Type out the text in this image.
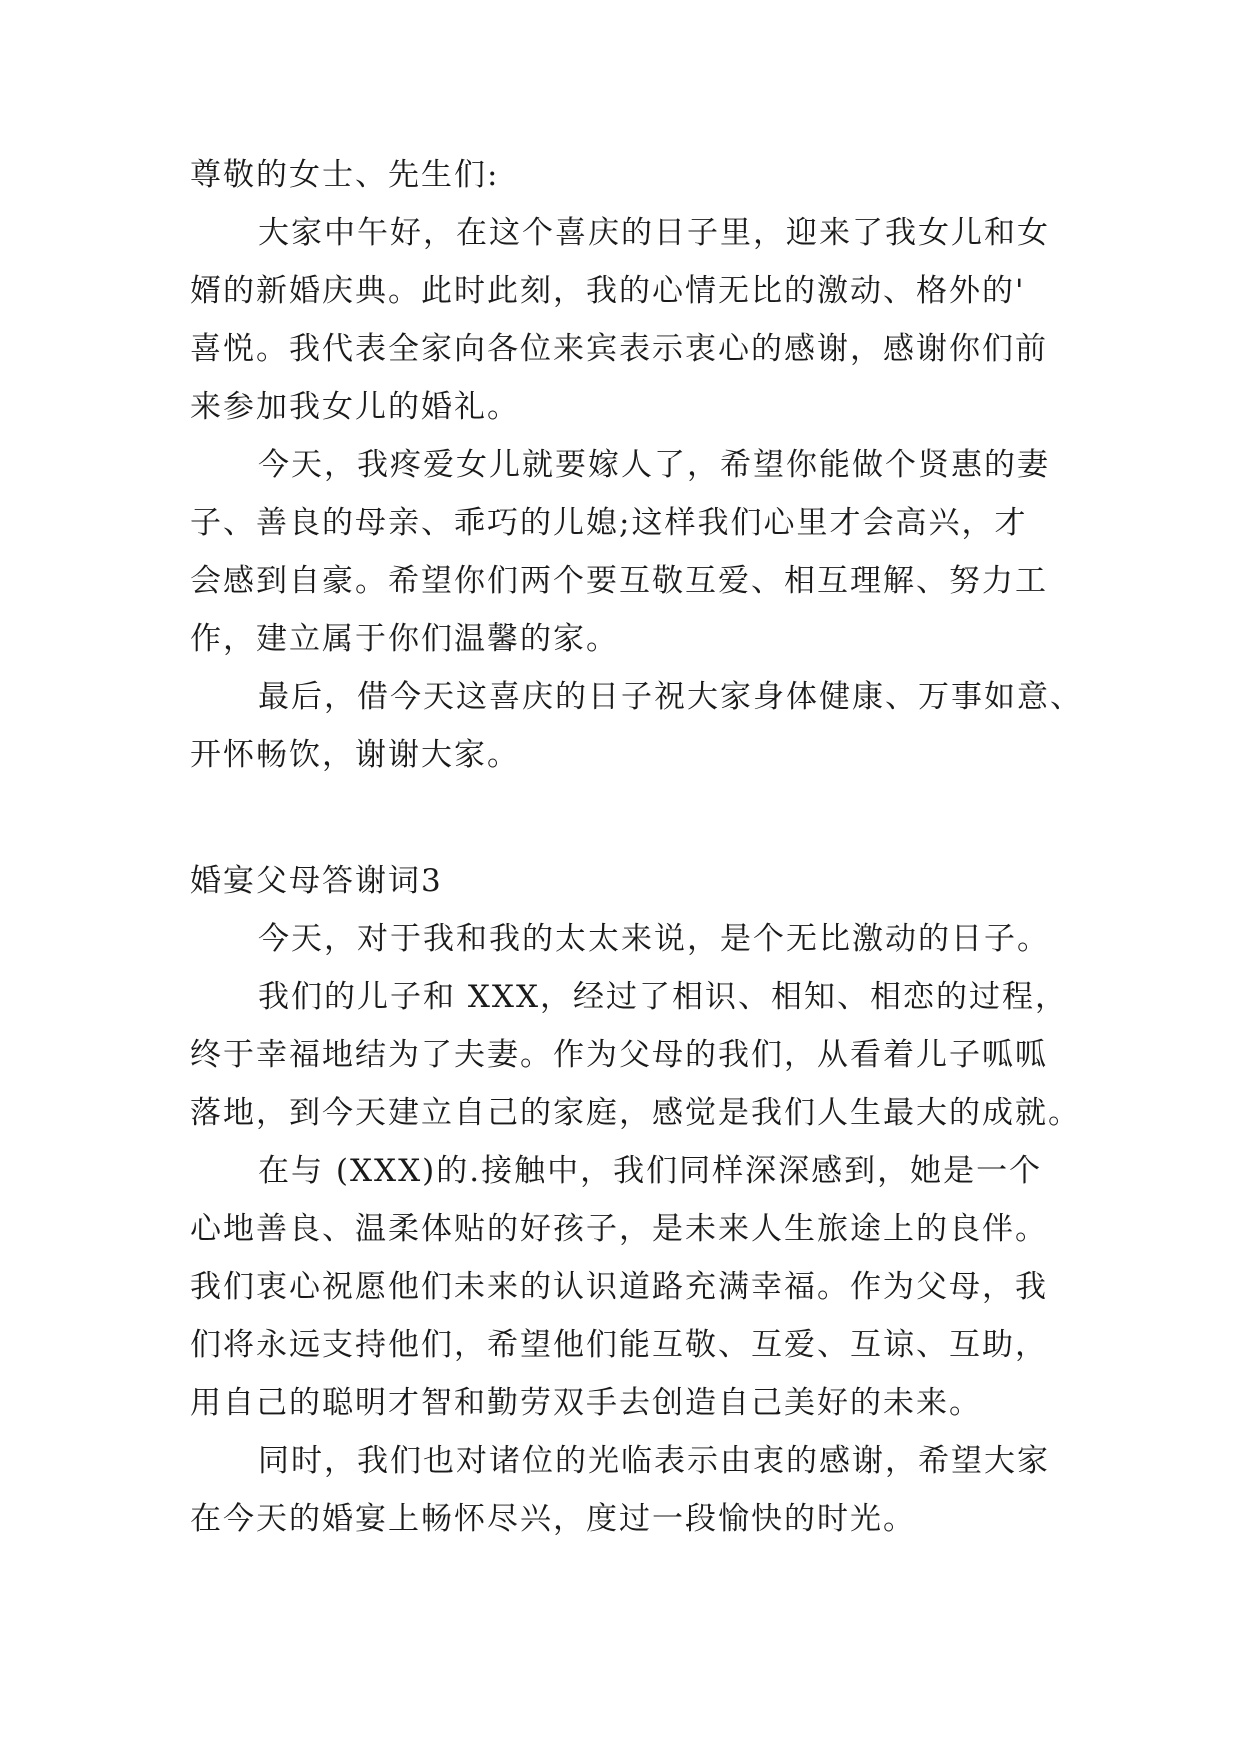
尊敬的女士、先生们:
大家中午好，在这个喜庆的日子里，迎来了我女儿和女
婿的新婚庆典。此时此刻，我的心情无比的激动、格外的'
喜悦。我代表全家向各位来宾表示衷心的感谢，感谢你们前
来参加我女儿的婚礼。
今天，我疼爱女儿就要嫁人了，希望你能做个贤惠的妻
子、善良的母亲、乖巧的儿媳;这样我们心里才会高兴，才
会感到自豪。希望你们两个要互敬互爱、相互理解、努力工
作，建立属于你们温馨的家。
最后，借今天这喜庆的日子祝大家身体健康、万事如意、
开怀畅饮，谢谢大家。
婚宴父母答谢词3
今天，对于我和我的太太来说，是个无比激动的日子。
我们的儿子和 XXX，经过了相识、相知、相恋的过程，
终于幸福地结为了夫妻。作为父母的我们，从看着儿子呱呱
落地，到今天建立自己的家庭，感觉是我们人生最大的成就。
在与 (XXX)的.接触中，我们同样深深感到，她是一个
心地善良、温柔体贴的好孩子，是未来人生旅途上的良伴。
我们衷心祝愿他们未来的认识道路充满幸福。作为父母，我
们将永远支持他们，希望他们能互敬、互爱、互谅、互助，
用自己的聪明才智和勤劳双手去创造自己美好的未来。
同时，我们也对诸位的光临表示由衷的感谢，希望大家
在今天的婚宴上畅怀尽兴，度过一段愉快的时光。
